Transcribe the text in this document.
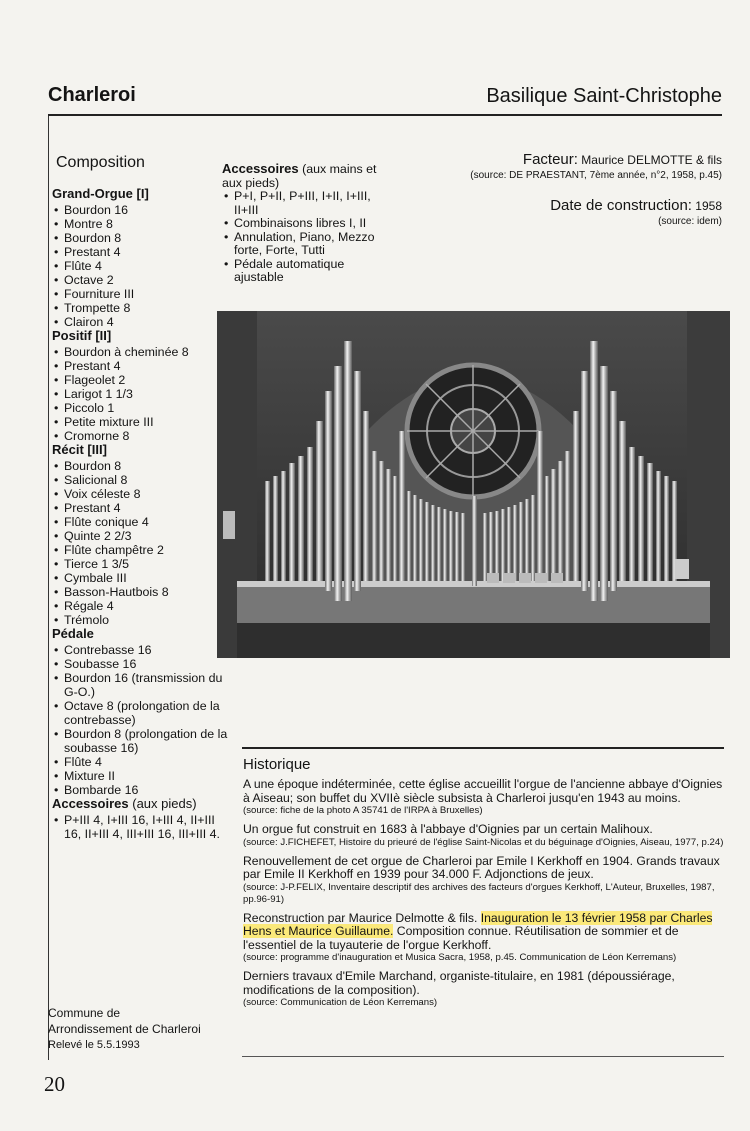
Charleroi	Basilique Saint-Christophe
Composition
Grand-Orgue [I]
• Bourdon 16
• Montre 8
• Bourdon 8
• Prestant 4
• Flûte 4
• Octave 2
• Fourniture III
• Trompette 8
• Clairon 4
Positif [II]
• Bourdon à cheminée 8
• Prestant 4
• Flageolet 2
• Larigot 1 1/3
• Piccolo 1
• Petite mixture III
• Cromorne 8
Récit [III]
• Bourdon 8
• Salicional 8
• Voix céleste 8
• Prestant 4
• Flûte conique 4
• Quinte 2 2/3
• Flûte champêtre 2
• Tierce 1 3/5
• Cymbale III
• Basson-Hautbois 8
• Régale 4
• Trémolo
Pédale
• Contrebasse 16
• Soubasse 16
• Bourdon 16 (transmission du G-O.)
• Octave 8 (prolongation de la contrebasse)
• Bourdon 8 (prolongation de la soubasse 16)
• Flûte 4
• Mixture II
• Bombarde 16
Accessoires (aux pieds)
• P+III 4, I+III 16, I+III 4, II+III 16, II+III 4, III+III 16, III+III 4.
Accessoires (aux mains et aux pieds)
• P+I, P+II, P+III, I+II, I+III, II+III
• Combinaisons libres I, II
• Annulation, Piano, Mezzo forte, Forte, Tutti
• Pédale automatique ajustable
Facteur: Maurice DELMOTTE & fils
(source: DE PRAESTANT, 7ème année, n°2, 1958, p.45)
Date de construction: 1958
(source: idem)
Historique
A une époque indéterminée, cette église accueillit l'orgue de l'ancienne abbaye d'Oignies à Aiseau; son buffet du XVIIè siècle subsista à Charleroi jusqu'en 1943 au moins.
(source: fiche de la photo A 35741 de l'IRPA à Bruxelles)
Un orgue fut construit en 1683 à l'abbaye d'Oignies par un certain Malihoux.
(source: J.FICHEFET, Histoire du prieuré de l'église Saint-Nicolas et du béguinage d'Oignies, Aiseau, 1977, p.24)
Renouvellement de cet orgue de Charleroi par Emile I Kerkhoff en 1904. Grands travaux par Emile II Kerkhoff en 1939 pour 34.000 F. Adjonctions de jeux.
(source: J-P.FELIX, Inventaire descriptif des archives des facteurs d'orgues Kerkhoff, L'Auteur, Bruxelles, 1987, pp.96-91)
Reconstruction par Maurice Delmotte & fils. Inauguration le 13 février 1958 par Charles Hens et Maurice Guillaume. Composition connue. Réutilisation de sommier et de l'essentiel de la tuyauterie de l'orgue Kerkhoff.
(source: programme d'inauguration et Musica Sacra, 1958, p.45. Communication de Léon Kerremans)
Derniers travaux d'Emile Marchand, organiste-titulaire, en 1981 (dépoussiérage, modifications de la composition).
(source: Communication de Léon Kerremans)
Commune de
Arrondissement de Charleroi
Relevé le 5.5.1993
20
